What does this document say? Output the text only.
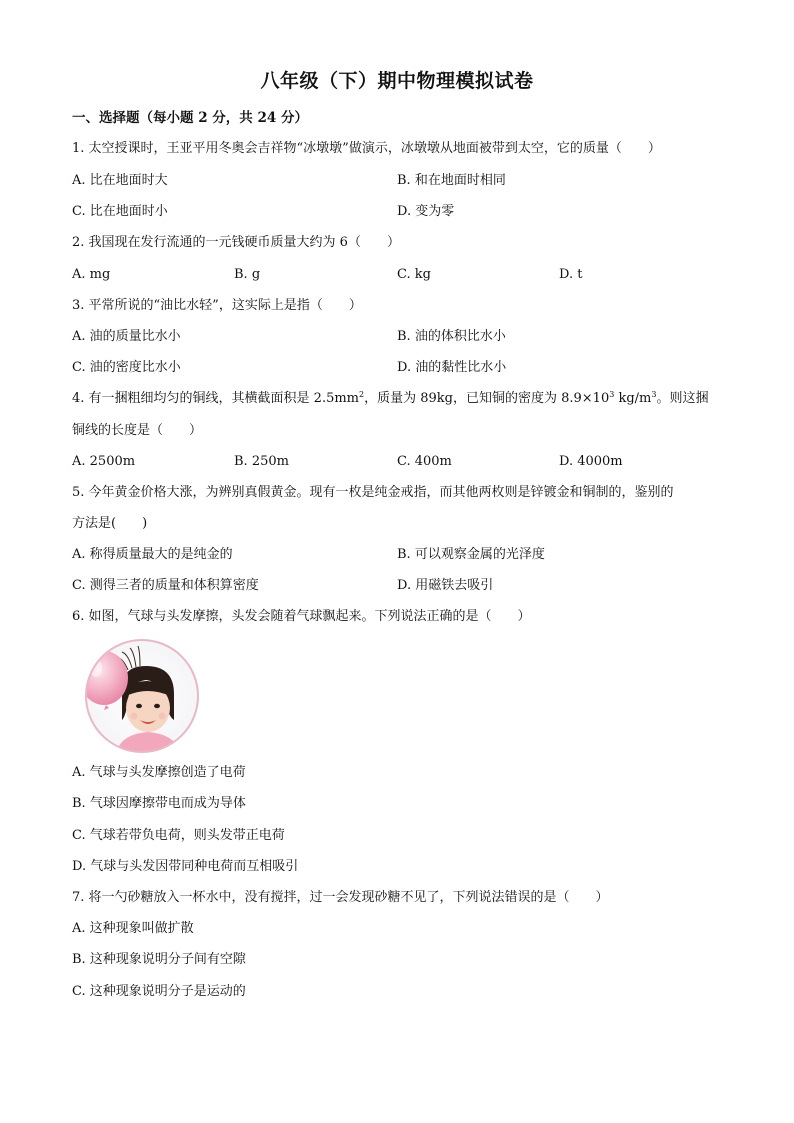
八年级（下）期中物理模拟试卷
一、选择题（每小题 2 分，共 24 分）
1. 太空授课时，王亚平用冬奥会吉祥物“冰墩墩”做演示，冰墩墩从地面被带到太空，它的质量（　　）
A. 比在地面时大	B. 和在地面时相同
C. 比在地面时小	D. 变为零
2. 我国现在发行流通的一元钱硬币质量大约为 6（　　）
A. mg	B. g	C. kg	D. t
3. 平常所说的“油比水轻”，这实际上是指（　　）
A. 油的质量比水小	B. 油的体积比水小
C. 油的密度比水小	D. 油的黏性比水小
4. 有一捆粗细均匀的铜线，其横截面积是 $2.5mm^2$，质量为 89kg，已知铜的密度为 $8.9\times 10^3$ $kg/m^3$。则这捆
铜线的长度是（　　）
A. 2500m	B. 250m	C. 400m	D. 4000m
5. 今年黄金价格大涨，为辨别真假黄金。现有一枚是纯金戒指，而其他两枚则是锌镀金和铜制的，鉴别的
方法是(　　)
A. 称得质量最大的是纯金的	B. 可以观察金属的光泽度
C. 测得三者的质量和体积算密度	D. 用磁铁去吸引
6. 如图，气球与头发摩擦，头发会随着气球飘起来。下列说法正确的是（　　）
A. 气球与头发摩擦创造了电荷
B. 气球因摩擦带电而成为导体
C. 气球若带负电荷，则头发带正电荷
D. 气球与头发因带同种电荷而互相吸引
7. 将一勺砂糖放入一杯水中，没有搅拌，过一会发现砂糖不见了，下列说法错误的是（　　）
A. 这种现象叫做扩散
B. 这种现象说明分子间有空隙
C. 这种现象说明分子是运动的
